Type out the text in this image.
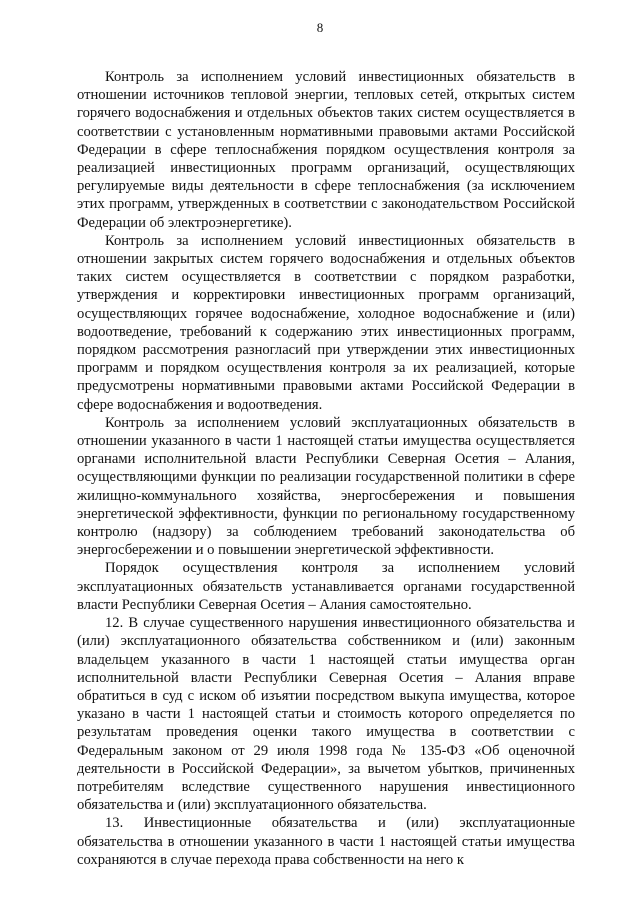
8

Контроль за исполнением условий инвестиционных обязательств в отношении источников тепловой энергии, тепловых сетей, открытых систем горячего водоснабжения и отдельных объектов таких систем осуществляется в соответствии с установленным нормативными правовыми актами Российской Федерации в сфере теплоснабжения порядком осуществления контроля за реализацией инвестиционных программ организаций, осуществляющих регулируемые виды деятельности в сфере теплоснабжения (за исключением этих программ, утвержденных в соответствии с законодательством Российской Федерации об электроэнергетике).

Контроль за исполнением условий инвестиционных обязательств в отношении закрытых систем горячего водоснабжения и отдельных объектов таких систем осуществляется в соответствии с порядком разработки, утверждения и корректировки инвестиционных программ организаций, осуществляющих горячее водоснабжение, холодное водоснабжение и (или) водоотведение, требований к содержанию этих инвестиционных программ, порядком рассмотрения разногласий при утверждении этих инвестиционных программ и порядком осуществления контроля за их реализацией, которые предусмотрены нормативными правовыми актами Российской Федерации в сфере водоснабжения и водоотведения.

Контроль за исполнением условий эксплуатационных обязательств в отношении указанного в части 1 настоящей статьи имущества осуществляется органами исполнительной власти Республики Северная Осетия – Алания, осуществляющими функции по реализации государственной политики в сфере жилищно-коммунального хозяйства, энергосбережения и повышения энергетической эффективности, функции по региональному государственному контролю (надзору) за соблюдением требований законодательства об энергосбережении и о повышении энергетической эффективности.

Порядок осуществления контроля за исполнением условий эксплуатационных обязательств устанавливается органами государственной власти Республики Северная Осетия – Алания самостоятельно.

12. В случае существенного нарушения инвестиционного обязательства и (или) эксплуатационного обязательства собственником и (или) законным владельцем указанного в части 1 настоящей статьи имущества орган исполнительной власти Республики Северная Осетия – Алания вправе обратиться в суд с иском об изъятии посредством выкупа имущества, которое указано в части 1 настоящей статьи и стоимость которого определяется по результатам проведения оценки такого имущества в соответствии с Федеральным законом от 29 июля 1998 года № 135-ФЗ «Об оценочной деятельности в Российской Федерации», за вычетом убытков, причиненных потребителям вследствие существенного нарушения инвестиционного обязательства и (или) эксплуатационного обязательства.

13. Инвестиционные обязательства и (или) эксплуатационные обязательства в отношении указанного в части 1 настоящей статьи имущества сохраняются в случае перехода права собственности на него к
